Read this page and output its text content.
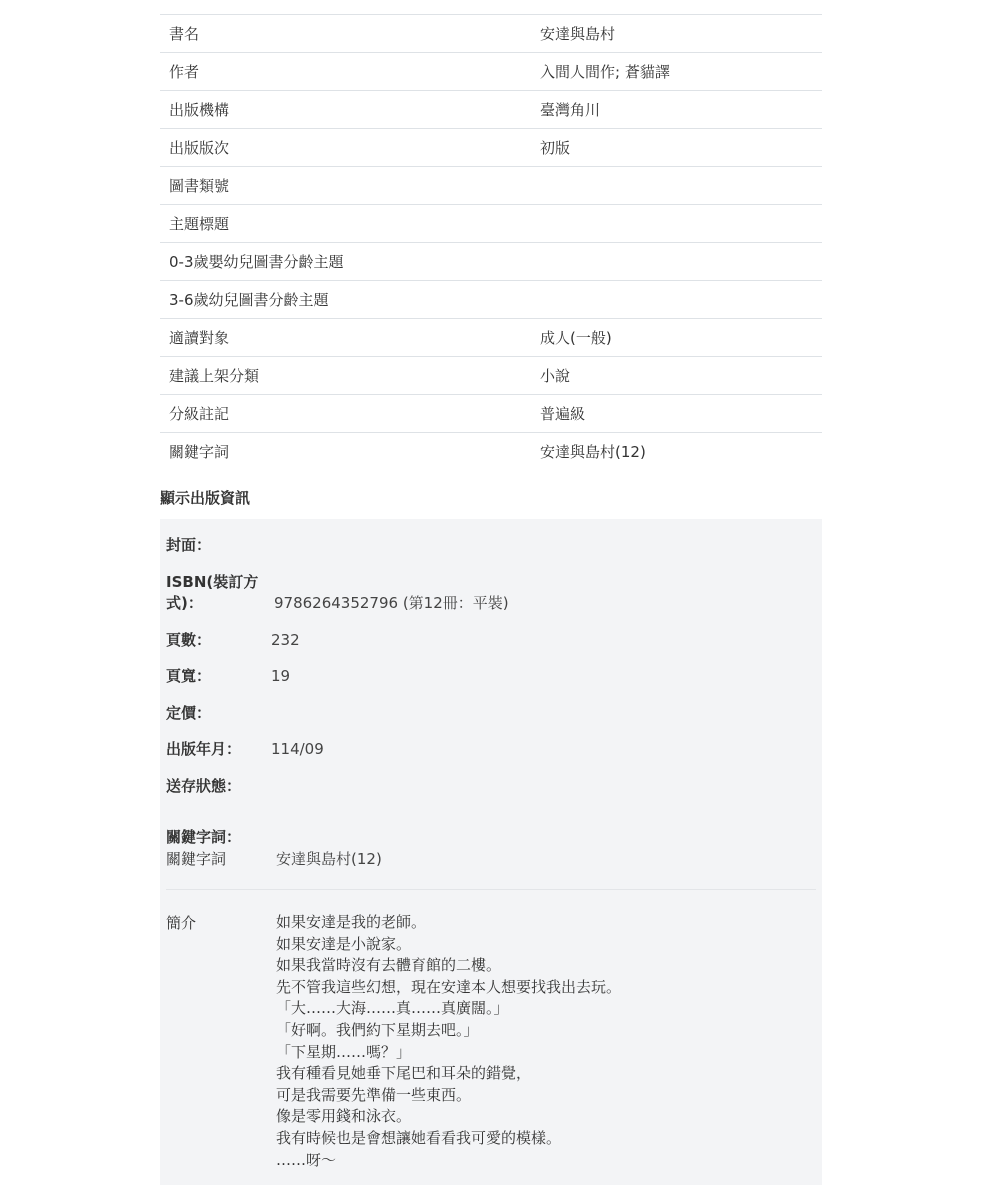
書名	安達與島村
作者	入間人間作; 蒼貓譯
出版機構	臺灣角川
出版版次	初版
圖書類號	
主題標題	
0-3歲嬰幼兒圖書分齡主題	
3-6歲幼兒圖書分齡主題	
適讀對象	成人(一般)
建議上架分類	小說
分級註記	普遍級
關鍵字詞	安達與島村(12)
顯示出版資訊
封面：
ISBN(裝訂方
式)：	9786264352796 (第12冊：平裝)
頁數：	232
頁寬：	19
定價：
出版年月： 114/09
送存狀態：
關鍵字詞：
關鍵字詞	安達與島村(12)
簡介	如果安達是我的老師。
如果安達是小說家。
如果我當時沒有去體育館的二樓。
先不管我這些幻想，現在安達本人想要找我出去玩。
「大……大海……真……真廣闊。」
「好啊。我們約下星期去吧。」
「下星期……嗎？」
我有種看見她垂下尾巴和耳朵的錯覺，
可是我需要先準備一些東西。
像是零用錢和泳衣。
我有時候也是會想讓她看看我可愛的模樣。
……呀～
